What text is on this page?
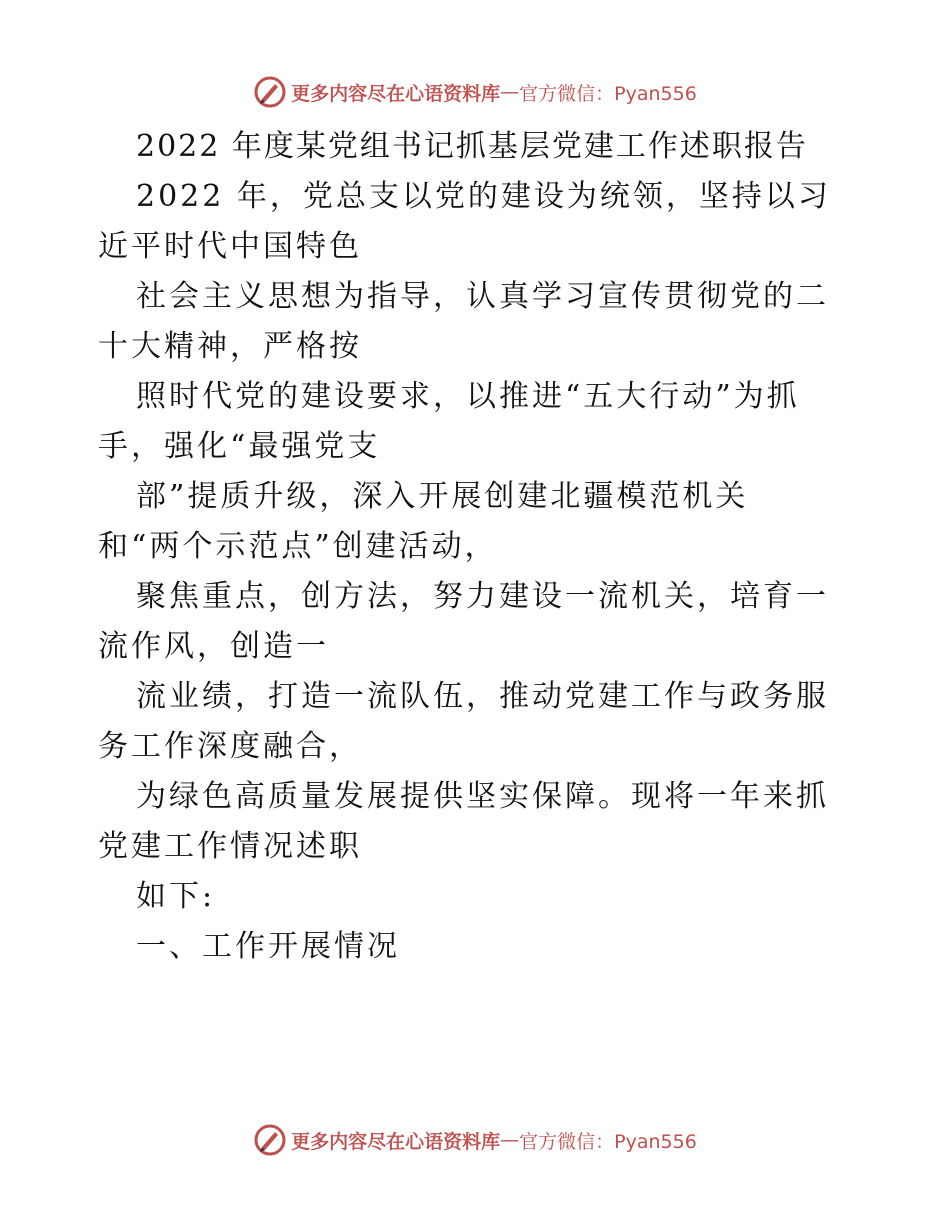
更多内容尽在心语资料库 — 官方微信：Pyan556
2022 年度某党组书记抓基层党建工作述职报告
2022 年，党总支以党的建设为统领，坚持以习
近平时代中国特色
社会主义思想为指导，认真学习宣传贯彻党的二
十大精神，严格按
照时代党的建设要求，以推进“五大行动”为抓
手，强化“最强党支
部”提质升级，深入开展创建北疆模范机关
和“两个示范点”创建活动，
聚焦重点，创方法，努力建设一流机关，培育一
流作风，创造一
流业绩，打造一流队伍，推动党建工作与政务服
务工作深度融合，
为绿色高质量发展提供坚实保障。现将一年来抓
党建工作情况述职
如下:
一、工作开展情况
更多内容尽在心语资料库 — 官方微信：Pyan556
